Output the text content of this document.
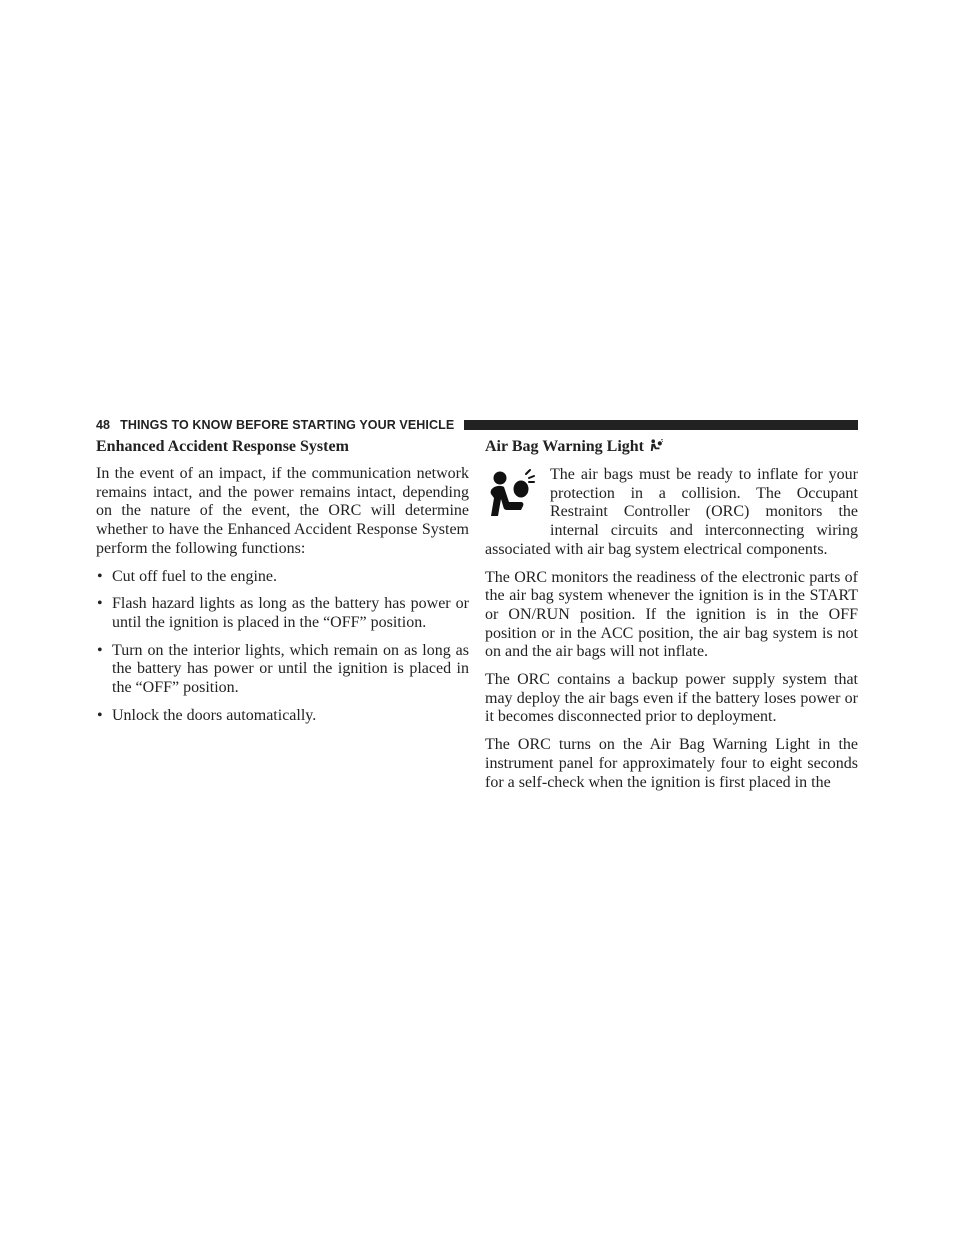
48 THINGS TO KNOW BEFORE STARTING YOUR VEHICLE
Enhanced Accident Response System

In the event of an impact, if the communication network remains intact, and the power remains intact, depending on the nature of the event, the ORC will determine whether to have the Enhanced Accident Response System perform the following functions:

• Cut off fuel to the engine.
• Flash hazard lights as long as the battery has power or until the ignition is placed in the “OFF” position.
• Turn on the interior lights, which remain on as long as the battery has power or until the ignition is placed in the “OFF” position.
• Unlock the doors automatically.
Air Bag Warning Light

The air bags must be ready to inflate for your protection in a collision. The Occupant Restraint Controller (ORC) monitors the internal circuits and interconnecting wiring associated with air bag system electrical components.

The ORC monitors the readiness of the electronic parts of the air bag system whenever the ignition is in the START or ON/RUN position. If the ignition is in the OFF position or in the ACC position, the air bag system is not on and the air bags will not inflate.

The ORC contains a backup power supply system that may deploy the air bags even if the battery loses power or it becomes disconnected prior to deployment.

The ORC turns on the Air Bag Warning Light in the instrument panel for approximately four to eight seconds for a self-check when the ignition is first placed in the
